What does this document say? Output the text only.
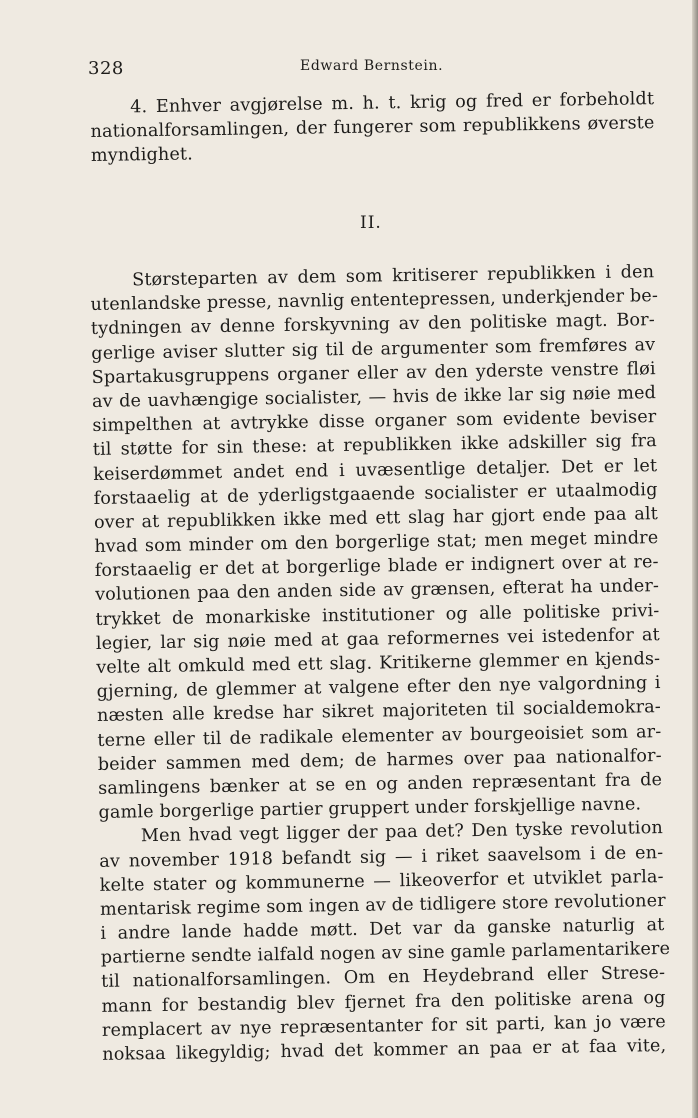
328	Edward Bernstein.
4. Enhver avgjørelse m. h. t. krig og fred er forbeholdt
nationalforsamlingen, der fungerer som republikkens øverste
myndighet.
II.
Størsteparten av dem som kritiserer republikken i den
utenlandske presse, navnlig ententepressen, underkjender be-
tydningen av denne forskyvning av den politiske magt. Bor-
gerlige aviser slutter sig til de argumenter som fremføres av
Spartakusgruppens organer eller av den yderste venstre fløi
av de uavhængige socialister, — hvis de ikke lar sig nøie med
simpelthen at avtrykke disse organer som evidente beviser
til støtte for sin these: at republikken ikke adskiller sig fra
keiserdømmet andet end i uvæsentlige detaljer. Det er let
forstaaelig at de yderligstgaaende socialister er utaalmodig
over at republikken ikke med ett slag har gjort ende paa alt
hvad som minder om den borgerlige stat; men meget mindre
forstaaelig er det at borgerlige blade er indignert over at re-
volutionen paa den anden side av grænsen, efterat ha under-
trykket de monarkiske institutioner og alle politiske privi-
legier, lar sig nøie med at gaa reformernes vei istedenfor at
velte alt omkuld med ett slag. Kritikerne glemmer en kjends-
gjerning, de glemmer at valgene efter den nye valgordning i
næsten alle kredse har sikret majoriteten til socialdemokra-
terne eller til de radikale elementer av bourgeoisiet som ar-
beider sammen med dem; de harmes over paa nationalfor-
samlingens bænker at se en og anden repræsentant fra de
gamle borgerlige partier gruppert under forskjellige navne.
Men hvad vegt ligger der paa det? Den tyske revolution
av november 1918 befandt sig — i riket saavelsom i de en-
kelte stater og kommunerne — likeoverfor et utviklet parla-
mentarisk regime som ingen av de tidligere store revolutioner
i andre lande hadde møtt. Det var da ganske naturlig at
partierne sendte ialfald nogen av sine gamle parlamentarikere
til nationalforsamlingen. Om en Heydebrand eller Strese-
mann for bestandig blev fjernet fra den politiske arena og
remplacert av nye repræsentanter for sit parti, kan jo være
noksaa likegyldig; hvad det kommer an paa er at faa vite,
